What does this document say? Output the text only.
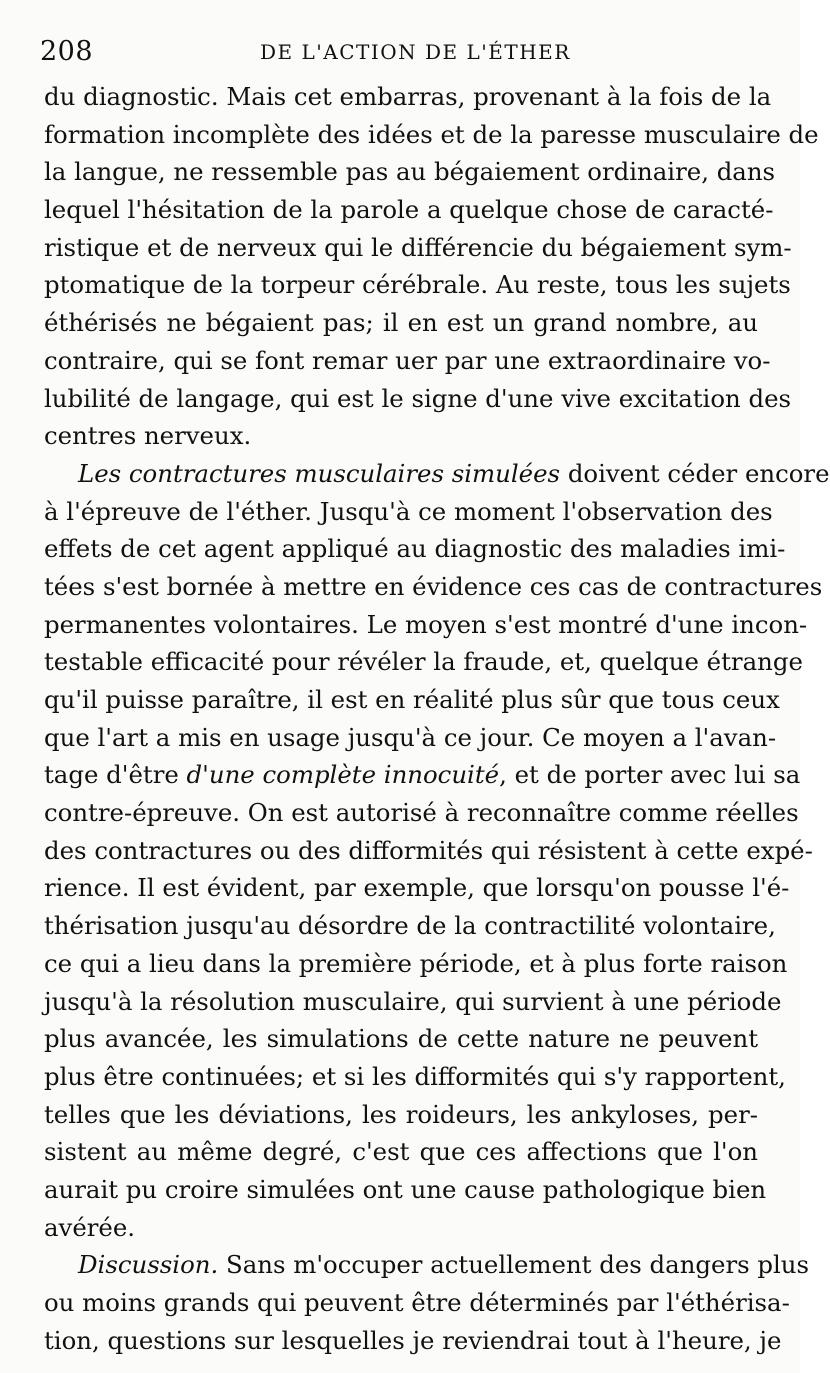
208	DE L'ACTION DE L'ÉTHER
du diagnostic. Mais cet embarras, provenant à la fois de la
formation incomplète des idées et de la paresse musculaire de
la langue, ne ressemble pas au bégaiement ordinaire, dans
lequel l'hésitation de la parole a quelque chose de caracté-
ristique et de nerveux qui le différencie du bégaiement sym-
ptomatique de la torpeur cérébrale. Au reste, tous les sujets
éthérisés ne bégaient pas; il en est un grand nombre, au
contraire, qui se font remar uer par une extraordinaire vo-
lubilité de langage, qui est le signe d'une vive excitation des
centres nerveux.
Les contractures musculaires simulées doivent céder encore
à l'épreuve de l'éther. Jusqu'à ce moment l'observation des
effets de cet agent appliqué au diagnostic des maladies imi-
tées s'est bornée à mettre en évidence ces cas de contractures
permanentes volontaires. Le moyen s'est montré d'une incon-
testable efficacité pour révéler la fraude, et, quelque étrange
qu'il puisse paraître, il est en réalité plus sûr que tous ceux
que l'art a mis en usage jusqu'à ce jour. Ce moyen a l'avan-
tage d'être d'une complète innocuité, et de porter avec lui sa
contre-épreuve. On est autorisé à reconnaître comme réelles
des contractures ou des difformités qui résistent à cette expé-
rience. Il est évident, par exemple, que lorsqu'on pousse l'é-
thérisation jusqu'au désordre de la contractilité volontaire,
ce qui a lieu dans la première période, et à plus forte raison
jusqu'à la résolution musculaire, qui survient à une période
plus avancée, les simulations de cette nature ne peuvent
plus être continuées; et si les difformités qui s'y rapportent,
telles que les déviations, les roideurs, les ankyloses, per-
sistent au même degré, c'est que ces affections que l'on
aurait pu croire simulées ont une cause pathologique bien
avérée.
Discussion. Sans m'occuper actuellement des dangers plus
ou moins grands qui peuvent être déterminés par l'éthérisa-
tion, questions sur lesquelles je reviendrai tout à l'heure, je
